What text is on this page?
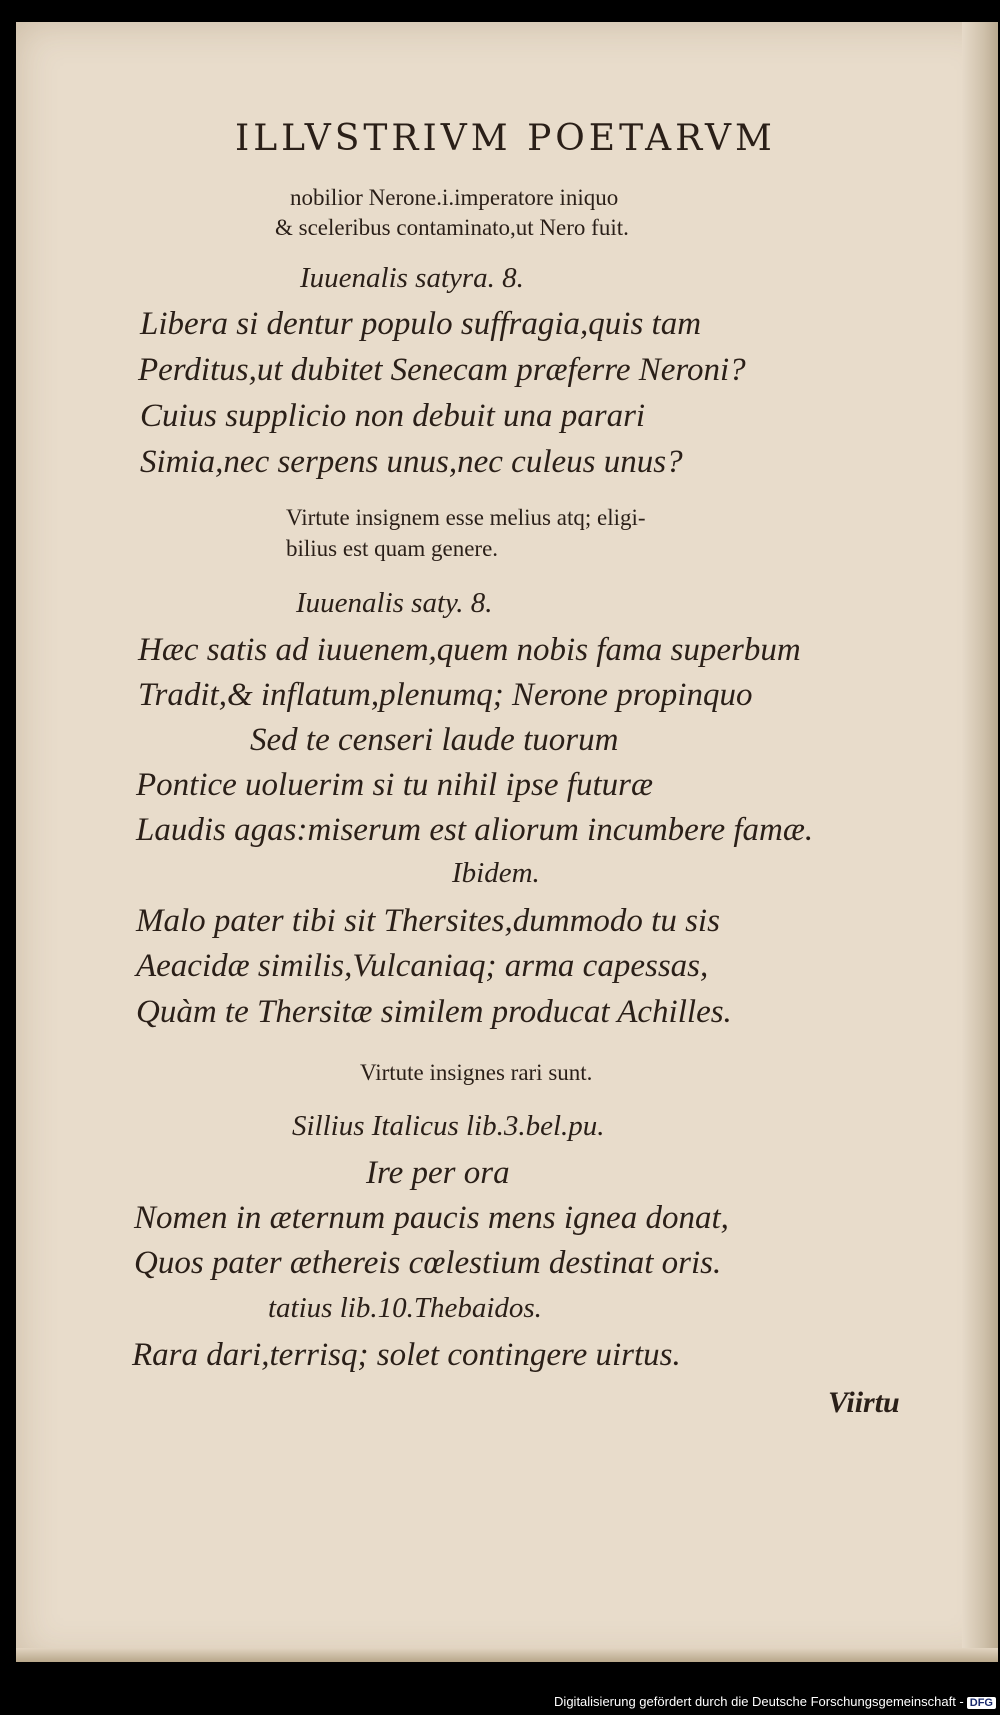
ILLVSTRIVM POETARVM
nobilior Nerone.i.imperatore iniquo
& sceleribus contaminato,ut Nero fuit.
Iuuenalis satyra. 8.
Libera si dentur populo suffragia,quis tam
Perditus,ut dubitet Senecam præferre Neroni?
Cuius supplicio non debuit una parari
Simia,nec serpens unus,nec culeus unus?
Virtute insignem esse melius atq; eligi-
bilius est quam genere.
Iuuenalis saty. 8.
Hæc satis ad iuuenem,quem nobis fama superbum
Tradit,& inflatum,plenumq; Nerone propinquo
Sed te censeri laude tuorum
Pontice uoluerim si tu nihil ipse futuræ
Laudis agas:miserum est aliorum incumbere famæ.
Ibidem.
Malo pater tibi sit Thersites,dummodo tu sis
Aeacidæ similis,Vulcaniaq; arma capessas,
Quàm te Thersitæ similem producat Achilles.
Virtute insignes rari sunt.
Sillius Italicus lib.3.bel.pu.
Ire per ora
Nomen in æternum paucis mens ignea donat,
Quos pater æthereis cœlestium destinat oris.
tatius lib.10.Thebaidos.
Rara dari,terrisq; solet contingere uirtus.
Viirtu
Digitalisierung gefördert durch die Deutsche Forschungsgemeinschaft - DFG
